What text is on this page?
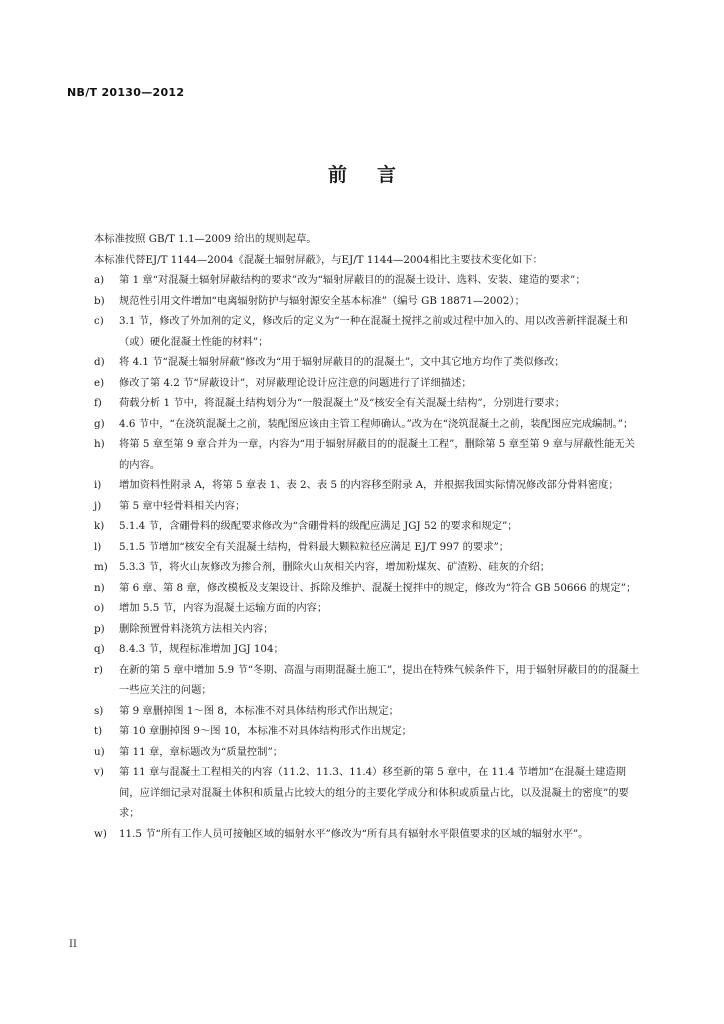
NB/T 20130—2012
前 言

本标准按照 GB/T 1.1—2009 给出的规则起草。

本标准代替EJ/T 1144—2004《混凝土辐射屏蔽》，与EJ/T 1144—2004相比主要技术变化如下：

a) 第 1 章“对混凝土辐射屏蔽结构的要求”改为“辐射屏蔽目的的混凝土设计、选料、安装、建造的要求”；
b) 规范性引用文件增加“电离辐射防护与辐射源安全基本标准”（编号 GB 18871—2002）；
c) 3.1 节，修改了外加剂的定义，修改后的定义为“一种在混凝土搅拌之前或过程中加入的、用以改善新拌混凝土和（或）硬化混凝土性能的材料”；
d) 将 4.1 节“混凝土辐射屏蔽”修改为“用于辐射屏蔽目的的混凝土”，文中其它地方均作了类似修改；
e) 修改了第 4.2 节“屏蔽设计”，对屏蔽理论设计应注意的问题进行了详细描述；
f) 荷载分析 1 节中，将混凝土结构划分为“一般混凝土”及“核安全有关混凝土结构”，分别进行要求；
g) 4.6 节中，“在浇筑混凝土之前，装配图应该由主管工程师确认。”改为在“浇筑混凝土之前，装配图应完成编制。”；
h) 将第 5 章至第 9 章合并为一章，内容为“用于辐射屏蔽目的的混凝土工程”，删除第 5 章至第 9 章与屏蔽性能无关的内容。
i) 增加资料性附录 A，将第 5 章表 1、表 2、表 5 的内容移至附录 A，并根据我国实际情况修改部分骨料密度；
j) 第 5 章中轻骨料相关内容；
k) 5.1.4 节，含硼骨料的级配要求修改为“含硼骨料的级配应满足 JGJ 52 的要求和规定”；
l) 5.1.5 节增加“核安全有关混凝土结构，骨料最大颗粒粒径应满足 EJ/T 997 的要求”；
m) 5.3.3 节，将火山灰修改为掺合剂，删除火山灰相关内容，增加粉煤灰、矿渣粉、硅灰的介绍；
n) 第 6 章、第 8 章，修改模板及支架设计、拆除及维护、混凝土搅拌中的规定，修改为“符合 GB 50666 的规定”；
o) 增加 5.5 节，内容为混凝土运输方面的内容；
p) 删除预置骨料浇筑方法相关内容；
q) 8.4.3 节，规程标准增加 JGJ 104；
r) 在新的第 5 章中增加 5.9 节“冬期、高温与雨期混凝土施工”，提出在特殊气候条件下，用于辐射屏蔽目的的混凝土一些应关注的问题；
s) 第 9 章删掉图 1～图 8，本标准不对具体结构形式作出规定；
t) 第 10 章删掉图 9～图 10，本标准不对具体结构形式作出规定；
u) 第 11 章，章标题改为“质量控制”；
v) 第 11 章与混凝土工程相关的内容（11.2、11.3、11.4）移至新的第 5 章中，在 11.4 节增加“在混凝土建造期间，应详细记录对混凝土体积和质量占比较大的组分的主要化学成分和体积或质量占比，以及混凝土的密度”的要求；
w) 11.5 节“所有工作人员可接触区域的辐射水平”修改为“所有具有辐射水平限值要求的区域的辐射水平”。
II
